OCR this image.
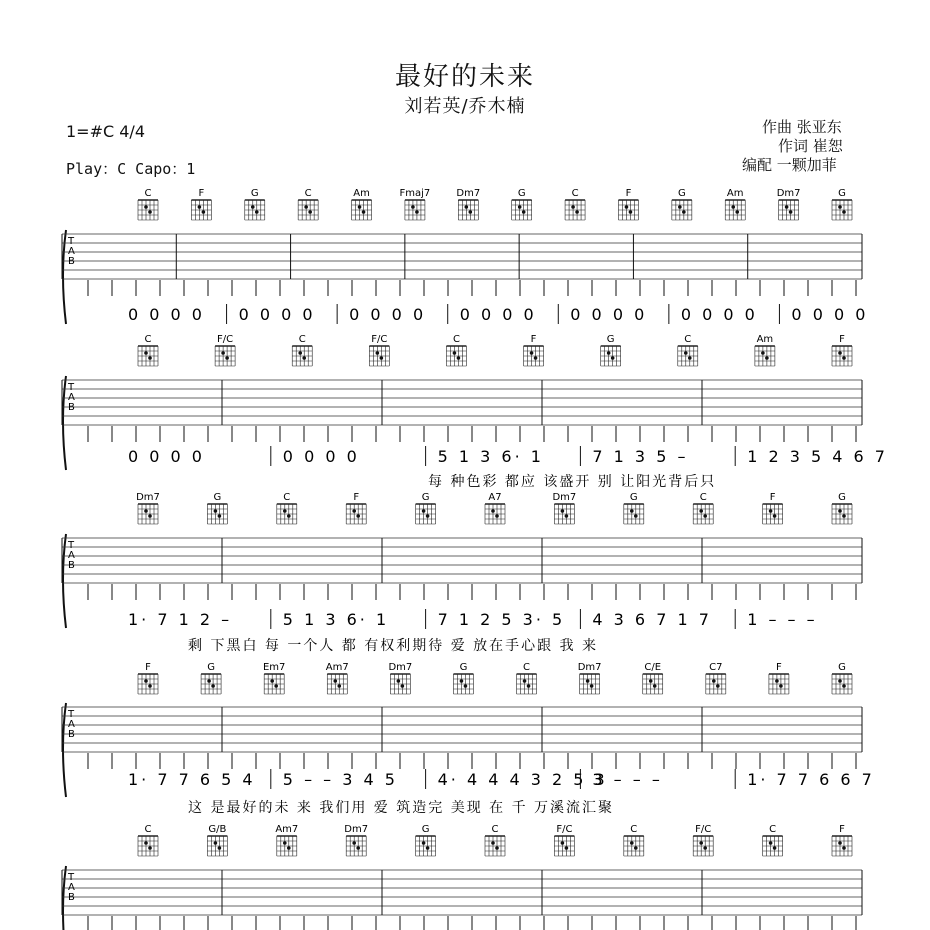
最好的未来
刘若英/乔木楠
1=#C 4/4
Play：C Capo：1
作曲 张亚东
作词 崔恕
编配 一颗加菲
T
A
B
C	F	G	C	Am	Fmaj7	Dm7	G	C	F	G	Am	Dm7	G
0 0 0 0 0 0 0 0 0 0 0 0 0 0 0 0 0 0 0 0 0 0 0 0 0 0 0 0
T
A
B
C	F/C	C	F/C	C	F	G	C	Am	F
0 0 0 0	0 0 0 0	5 1 3 6· 1	7 1 3 5 –	1 2 3 5 4 6 7
每 种色彩 都应 该盛开 别 让阳光背后只
T
A
B
Dm7	G	C	F	G	A7	Dm7	G	C	F	G
1· 7 1 2 –	5 1 3 6· 1	7 1 2 5 3· 5 4 3 6 7 1 7 1 – – –
剩 下黑白 每 一个人 都 有权利期待 爱 放在手心跟 我 来
T
A
B
F	G	Em7	Am7	Dm7	G	C	Dm7	C/E	C7	F	G
1· 7 7 6 5 4 5 – – 3 4 5 4· 4 4 4 3 2 5 3
3 – – –	1· 7 7 6 6 7
这 是最好的未 来 我们用 爱 筑造完 美现 在 千 万溪流汇聚
T
A
B
C	G/B	Am7	Dm7	G	C	F/C	C	F/C	C	F
